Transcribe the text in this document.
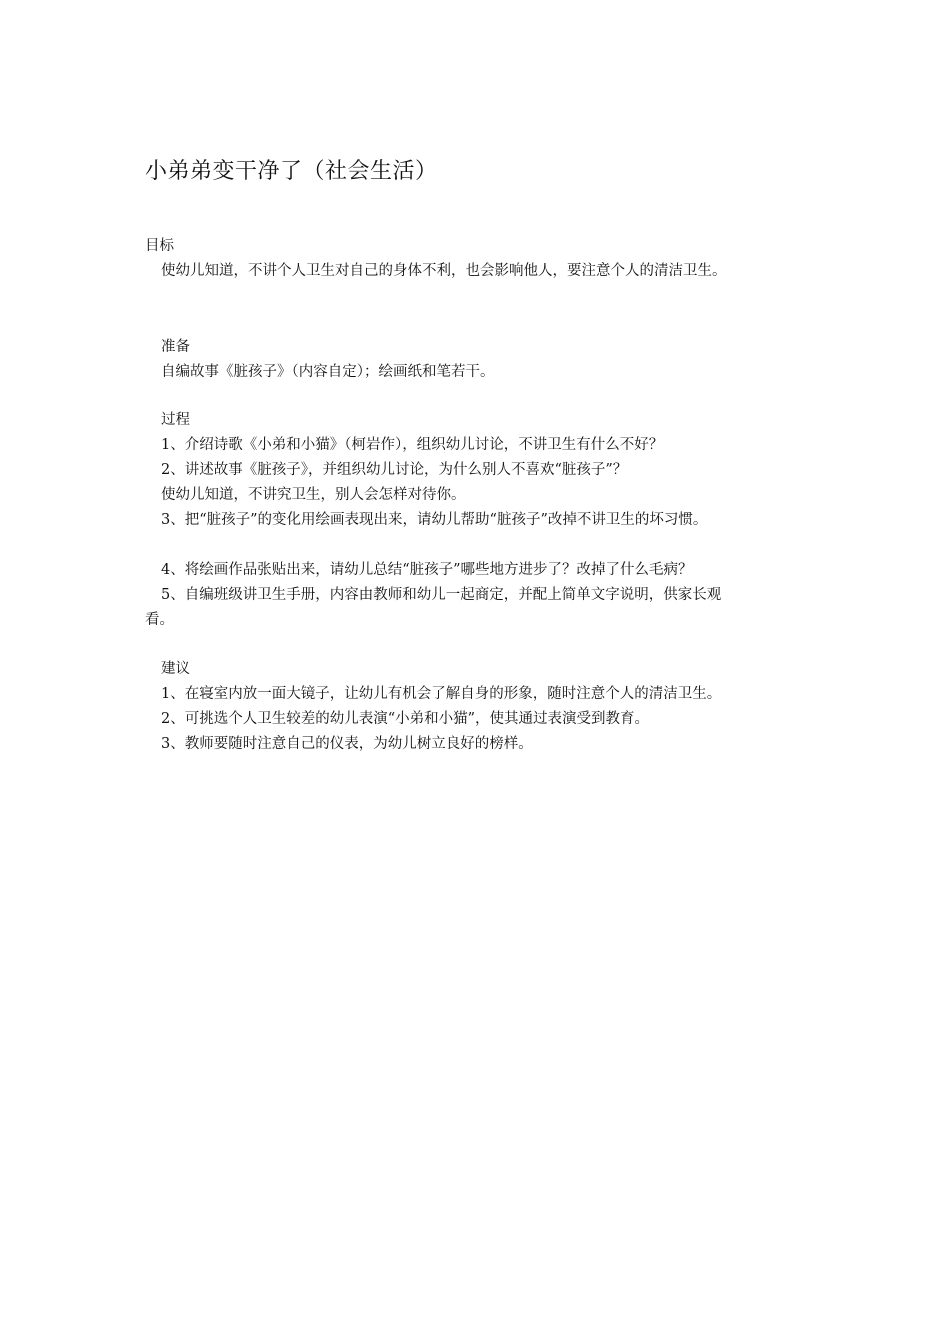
小弟弟变干净了（社会生活）
目标
使幼儿知道，不讲个人卫生对自己的身体不利，也会影响他人，要注意个人的清洁卫生。
准备
自编故事《脏孩子》（内容自定）；绘画纸和笔若干。
过程
1、介绍诗歌《小弟和小猫》（柯岩作），组织幼儿讨论，不讲卫生有什么不好？
2、讲述故事《脏孩子》，并组织幼儿讨论，为什么别人不喜欢“脏孩子”？
使幼儿知道，不讲究卫生，别人会怎样对待你。
3、把“脏孩子”的变化用绘画表现出来，请幼儿帮助“脏孩子”改掉不讲卫生的坏习惯。
4、将绘画作品张贴出来，请幼儿总结“脏孩子”哪些地方进步了？改掉了什么毛病？
5、自编班级讲卫生手册，内容由教师和幼儿一起商定，并配上简单文字说明，供家长观
看。
建议
1、在寝室内放一面大镜子，让幼儿有机会了解自身的形象，随时注意个人的清洁卫生。
2、可挑选个人卫生较差的幼儿表演“小弟和小猫”，使其通过表演受到教育。
3、教师要随时注意自己的仪表，为幼儿树立良好的榜样。
